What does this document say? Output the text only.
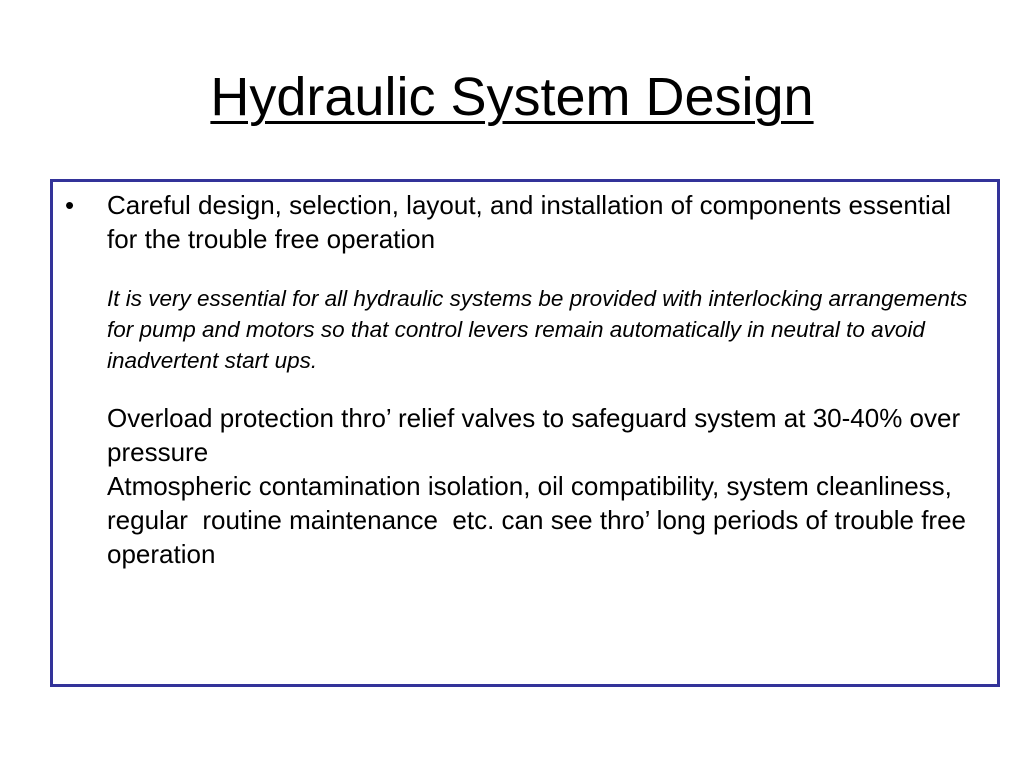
Hydraulic System Design
•	Careful design, selection, layout, and installation of components essential for the trouble free operation

It is very essential for all hydraulic systems be provided with interlocking arrangements for pump and motors so that control levers remain automatically in neutral to avoid inadvertent start ups.

Overload protection thro’ relief valves to safeguard system at 30-40% over pressure

Atmospheric contamination isolation, oil compatibility, system cleanliness, regular  routine maintenance  etc. can see thro’ long periods of trouble free operation
